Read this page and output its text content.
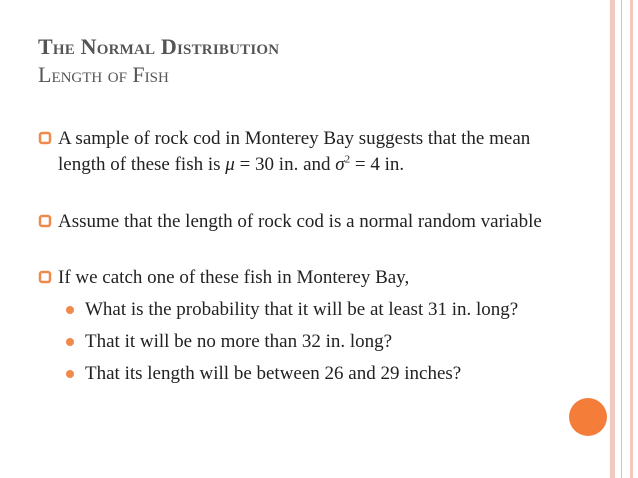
The Normal Distribution
Length of Fish
A sample of rock cod in Monterey Bay suggests that the mean
length of these fish is μ = 30 in. and $\sigma^2 = 4$ in.
Assume that the length of rock cod is a normal random variable
If we catch one of these fish in Monterey Bay,
What is the probability that it will be at least 31 in. long?
That it will be no more than 32 in. long?
That its length will be between 26 and 29 inches?
